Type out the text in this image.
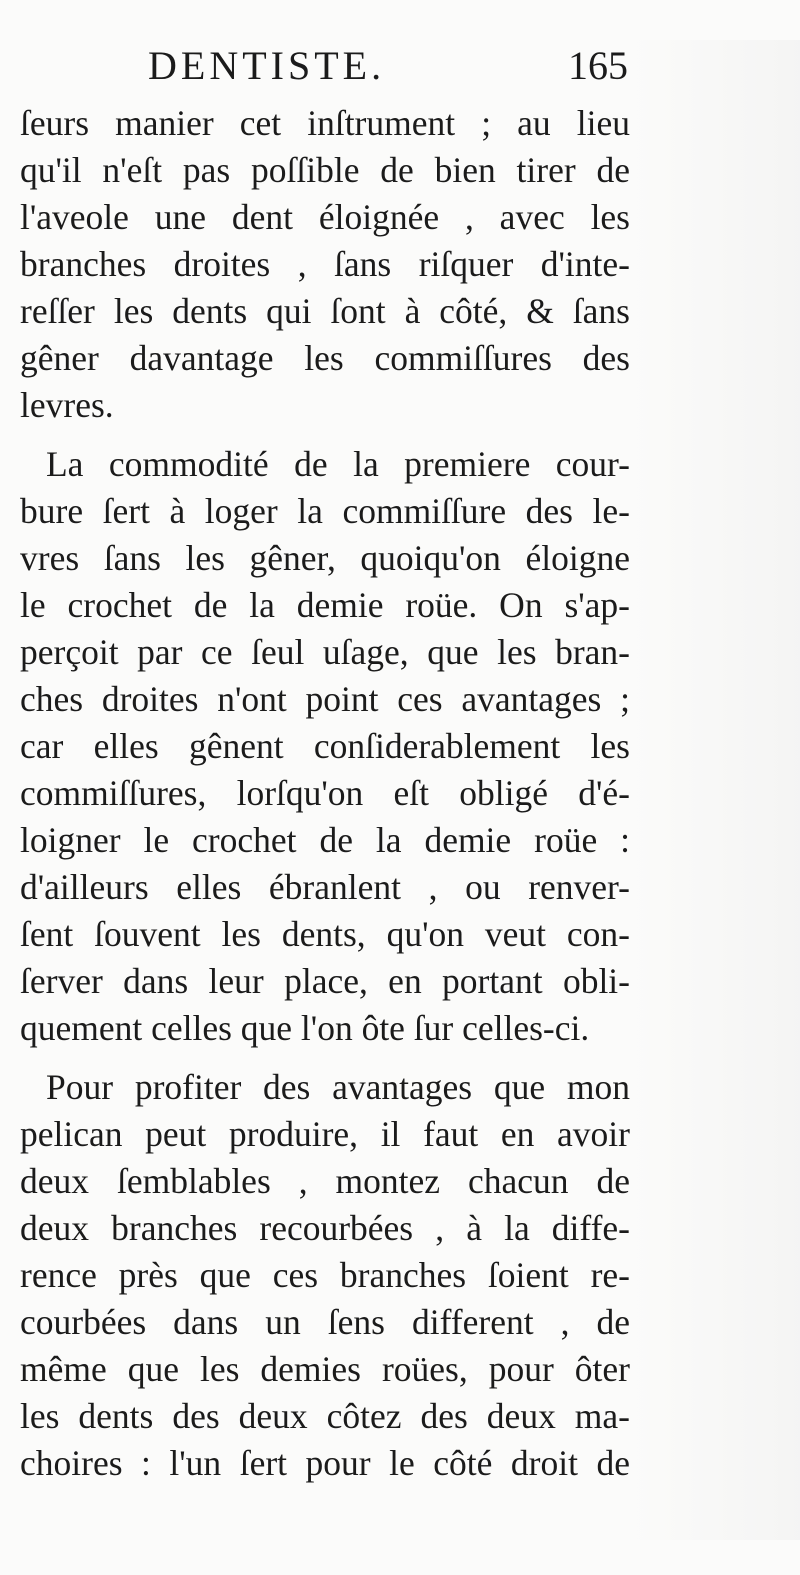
DENTISTE.	165
ſeurs manier cet inſtrument ; au lieu
qu'il n'eſt pas poſſible de bien tirer de
l'aveole une dent éloignée , avec les
branches droites , ſans riſquer d'inte-
reſſer les dents qui ſont à côté, & ſans
gêner davantage les commiſſures des
levres.
La commodité de la premiere cour-
bure ſert à loger la commiſſure des le-
vres ſans les gêner, quoiqu'on éloigne
le crochet de la demie roüe. On s'ap-
perçoit par ce ſeul uſage, que les bran-
ches droites n'ont point ces avantages ;
car elles gênent conſiderablement les
commiſſures, lorſqu'on eſt obligé d'é-
loigner le crochet de la demie roüe :
d'ailleurs elles ébranlent , ou renver-
ſent ſouvent les dents, qu'on veut con-
ſerver dans leur place, en portant obli-
quement celles que l'on ôte ſur celles-ci.
Pour profiter des avantages que mon
pelican peut produire, il faut en avoir
deux ſemblables , montez chacun de
deux branches recourbées , à la diffe-
rence près que ces branches ſoient re-
courbées dans un ſens different , de
même que les demies roües, pour ôter
les dents des deux côtez des deux ma-
choires : l'un ſert pour le côté droit de
